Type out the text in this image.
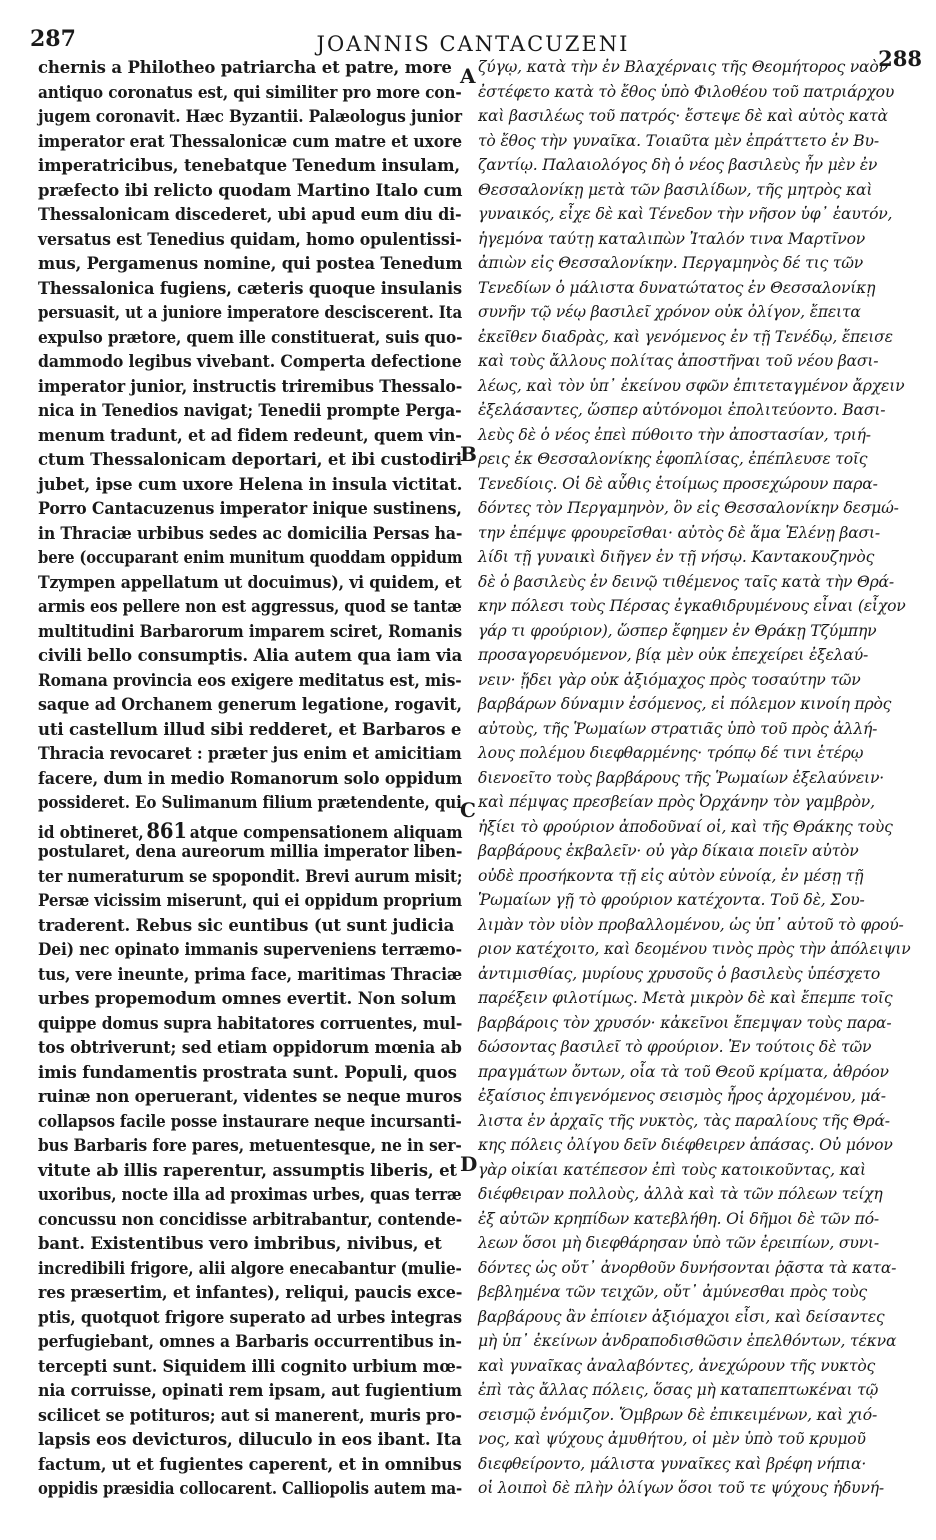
287	JOANNIS CANTACUZENI
288
chernis a Philotheo patriarcha et patre, more
antiquo coronatus est, qui similiter pro more con-
jugem coronavit. Hæc Byzantii. Palæologus junior
imperator erat Thessalonicæ cum matre et uxore
imperatricibus, tenebatque Tenedum insulam,
præfecto ibi relicto quodam Martino Italo cum
Thessalonicam discederet, ubi apud eum diu di-
versatus est Tenedius quidam, homo opulentissi-
mus, Pergamenus nomine, qui postea Tenedum
Thessalonica fugiens, cæteris quoque insulanis
persuasit, ut a juniore imperatore desciscerent. Ita
expulso prætore, quem ille constituerat, suis quo-
dammodo legibus vivebant. Comperta defectione
imperator junior, instructis triremibus Thessalo-
nica in Tenedios navigat; Tenedii prompte Perga-
menum tradunt, et ad fidem redeunt, quem vin-
ctum Thessalonicam deportari, et ibi custodiri
jubet, ipse cum uxore Helena in insula victitat.
Porro Cantacuzenus imperator inique sustinens,
in Thraciæ urbibus sedes ac domicilia Persas ha-
bere (occuparant enim munitum quoddam oppidum
Tzympen appellatum ut docuimus), vi quidem, et
armis eos pellere non est aggressus, quod se tantæ
multitudini Barbarorum imparem sciret, Romanis
civili bello consumptis. Alia autem qua iam via
Romana provincia eos exigere meditatus est, mis-
saque ad Orchanem generum legatione, rogavit,
uti castellum illud sibi redderet, et Barbaros e
Thracia revocaret : præter jus enim et amicitiam
facere, dum in medio Romanorum solo oppidum
possideret. Eo Sulimanum filium prætendente, qui
id obtineret, 861 atque compensationem aliquam
postularet, dena aureorum millia imperator liben-
ter numeraturum se spopondit. Brevi aurum misit;
Persæ vicissim miserunt, qui ei oppidum proprium
traderent. Rebus sic euntibus (ut sunt judicia
Dei) nec opinato immanis superveniens terræmo-
tus, vere ineunte, prima face, maritimas Thraciæ
urbes propemodum omnes evertit. Non solum
quippe domus supra habitatores corruentes, mul-
tos obtriverunt; sed etiam oppidorum mœnia ab
imis fundamentis prostrata sunt. Populi, quos
ruinæ non operuerant, videntes se neque muros
collapsos facile posse instaurare neque incursanti-
bus Barbaris fore pares, metuentesque, ne in ser-
vitute ab illis raperentur, assumptis liberis, et
uxoribus, nocte illa ad proximas urbes, quas terræ
concussu non concidisse arbitrabantur, contende-
bant. Existentibus vero imbribus, nivibus, et
incredibili frigore, alii algore enecabantur (mulie-
res præsertim, et infantes), reliqui, paucis exce-
ptis, quotquot frigore superato ad urbes integras
perfugiebant, omnes a Barbaris occurrentibus in-
tercepti sunt. Siquidem illi cognito urbium mœ-
nia corruisse, opinati rem ipsam, aut fugientium
scilicet se potituros; aut si manerent, muris pro-
lapsis eos devicturos, diluculo in eos ibant. Ita
factum, ut et fugientes caperent, et in omnibus
oppidis præsidia collocarent. Calliopolis autem ma-
ζύγῳ, κατὰ τὴν ἐν Βλαχέρναις τῆς Θεομήτορος ναὸν
ἐστέφετο κατὰ τὸ ἔθος ὑπὸ Φιλοθέου τοῦ πατριάρχου
καὶ βασιλέως τοῦ πατρός· ἔστεψε δὲ καὶ αὐτὸς κατὰ
τὸ ἔθος τὴν γυναῖκα. Τοιαῦτα μὲν ἐπράττετο ἐν Βυ-
ζαντίῳ. Παλαιολόγος δὴ ὁ νέος βασιλεὺς ἦν μὲν ἐν
Θεσσαλονίκῃ μετὰ τῶν βασιλίδων, τῆς μητρὸς καὶ
γυναικός, εἶχε δὲ καὶ Τένεδον τὴν νῆσον ὑφ᾽ ἑαυτόν,
ἡγεμόνα ταύτῃ καταλιπὼν Ἰταλόν τινα Μαρτῖνον
ἀπιὼν εἰς Θεσσαλονίκην. Περγαμηνὸς δέ τις τῶν
Τενεδίων ὁ μάλιστα δυνατώτατος ἐν Θεσσαλονίκῃ
συνῆν τῷ νέῳ βασιλεῖ χρόνον οὐκ ὀλίγον, ἔπειτα
ἐκεῖθεν διαδρὰς, καὶ γενόμενος ἐν τῇ Τενέδῳ, ἔπεισε
καὶ τοὺς ἄλλους πολίτας ἀποστῆναι τοῦ νέου βασι-
λέως, καὶ τὸν ὑπ᾽ ἐκείνου σφῶν ἐπιτεταγμένον ἄρχειν
ἐξελάσαντες, ὥσπερ αὐτόνομοι ἐπολιτεύοντο. Βασι-
λεὺς δὲ ὁ νέος ἐπεὶ πύθοιτο τὴν ἀποστασίαν, τριή-
ρεις ἐκ Θεσσαλονίκης ἐφοπλίσας, ἐπέπλευσε τοῖς
Τενεδίοις. Οἱ δὲ αὖθις ἑτοίμως προσεχώρουν παρα-
δόντες τὸν Περγαμηνὸν, ὃν εἰς Θεσσαλονίκην δεσμώ-
την ἐπέμψε φρουρεῖσθαι· αὐτὸς δὲ ἅμα Ἑλένῃ βασι-
λίδι τῇ γυναικὶ διῆγεν ἐν τῇ νήσῳ. Καντακουζηνὸς
δὲ ὁ βασιλεὺς ἐν δεινῷ τιθέμενος ταῖς κατὰ τὴν Θρά-
κην πόλεσι τοὺς Πέρσας ἐγκαθιδρυμένους εἶναι (εἶχον
γάρ τι φρούριον), ὥσπερ ἔφημεν ἐν Θράκῃ Τζύμπην
προσαγορευόμενον, βίᾳ μὲν οὐκ ἐπεχείρει ἐξελαύ-
νειν· ᾔδει γὰρ οὐκ ἀξιόμαχος πρὸς τοσαύτην τῶν
βαρβάρων δύναμιν ἐσόμενος, εἰ πόλεμον κινοίη πρὸς
αὐτοὺς, τῆς Ῥωμαίων στρατιᾶς ὑπὸ τοῦ πρὸς ἀλλή-
λους πολέμου διεφθαρμένης· τρόπῳ δέ τινι ἑτέρῳ
διενοεῖτο τοὺς βαρβάρους τῆς Ῥωμαίων ἐξελαύνειν·
καὶ πέμψας πρεσβείαν πρὸς Ὀρχάνην τὸν γαμβρὸν,
ἠξίει τὸ φρούριον ἀποδοῦναί οἱ, καὶ τῆς Θράκης τοὺς
βαρβάρους ἐκβαλεῖν· οὐ γὰρ δίκαια ποιεῖν αὐτὸν
οὐδὲ προσήκοντα τῇ εἰς αὐτὸν εὐνοίᾳ, ἐν μέσῃ τῇ
Ῥωμαίων γῇ τὸ φρούριον κατέχοντα. Τοῦ δὲ, Σου-
λιμὰν τὸν υἱὸν προβαλλομένου, ὡς ὑπ᾽ αὐτοῦ τὸ φρού-
ριον κατέχοιτο, καὶ δεομένου τινὸς πρὸς τὴν ἀπόλειψιν
ἀντιμισθίας, μυρίους χρυσοῦς ὁ βασιλεὺς ὑπέσχετο
παρέξειν φιλοτίμως. Μετὰ μικρὸν δὲ καὶ ἔπεμπε τοῖς
βαρβάροις τὸν χρυσόν· κἀκεῖνοι ἔπεμψαν τοὺς παρα-
δώσοντας βασιλεῖ τὸ φρούριον. Ἐν τούτοις δὲ τῶν
πραγμάτων ὄντων, οἷα τὰ τοῦ Θεοῦ κρίματα, ἀθρόον
ἐξαίσιος ἐπιγενόμενος σεισμὸς ἦρος ἀρχομένου, μά-
λιστα ἐν ἀρχαῖς τῆς νυκτὸς, τὰς παραλίους τῆς Θρά-
κης πόλεις ὀλίγου δεῖν διέφθειρεν ἁπάσας. Οὐ μόνον
γὰρ οἰκίαι κατέπεσον ἐπὶ τοὺς κατοικοῦντας, καὶ
διέφθειραν πολλοὺς, ἀλλὰ καὶ τὰ τῶν πόλεων τείχη
ἐξ αὐτῶν κρηπίδων κατεβλήθη. Οἱ δῆμοι δὲ τῶν πό-
λεων ὅσοι μὴ διεφθάρησαν ὑπὸ τῶν ἐρειπίων, συνι-
δόντες ὡς οὔτ᾽ ἀνορθοῦν δυνήσονται ῥᾷστα τὰ κατα-
βεβλημένα τῶν τειχῶν, οὔτ᾽ ἀμύνεσθαι πρὸς τοὺς
βαρβάρους ἂν ἐπίοιεν ἀξιόμαχοι εἶσι, καὶ δείσαντες
μὴ ὑπ᾽ ἐκείνων ἀνδραποδισθῶσιν ἐπελθόντων, τέκνα
καὶ γυναῖκας ἀναλαβόντες, ἀνεχώρουν τῆς νυκτὸς
ἐπὶ τὰς ἄλλας πόλεις, ὅσας μὴ καταπεπτωκέναι τῷ
σεισμῷ ἐνόμιζον. Ὄμβρων δὲ ἐπικειμένων, καὶ χιό-
νος, καὶ ψύχους ἀμυθήτου, οἱ μὲν ὑπὸ τοῦ κρυμοῦ
διεφθείροντο, μάλιστα γυναῖκες καὶ βρέφη νήπια·
οἱ λοιποὶ δὲ πλὴν ὀλίγων ὅσοι τοῦ τε ψύχους ἠδυνή-
A
B
C
D
